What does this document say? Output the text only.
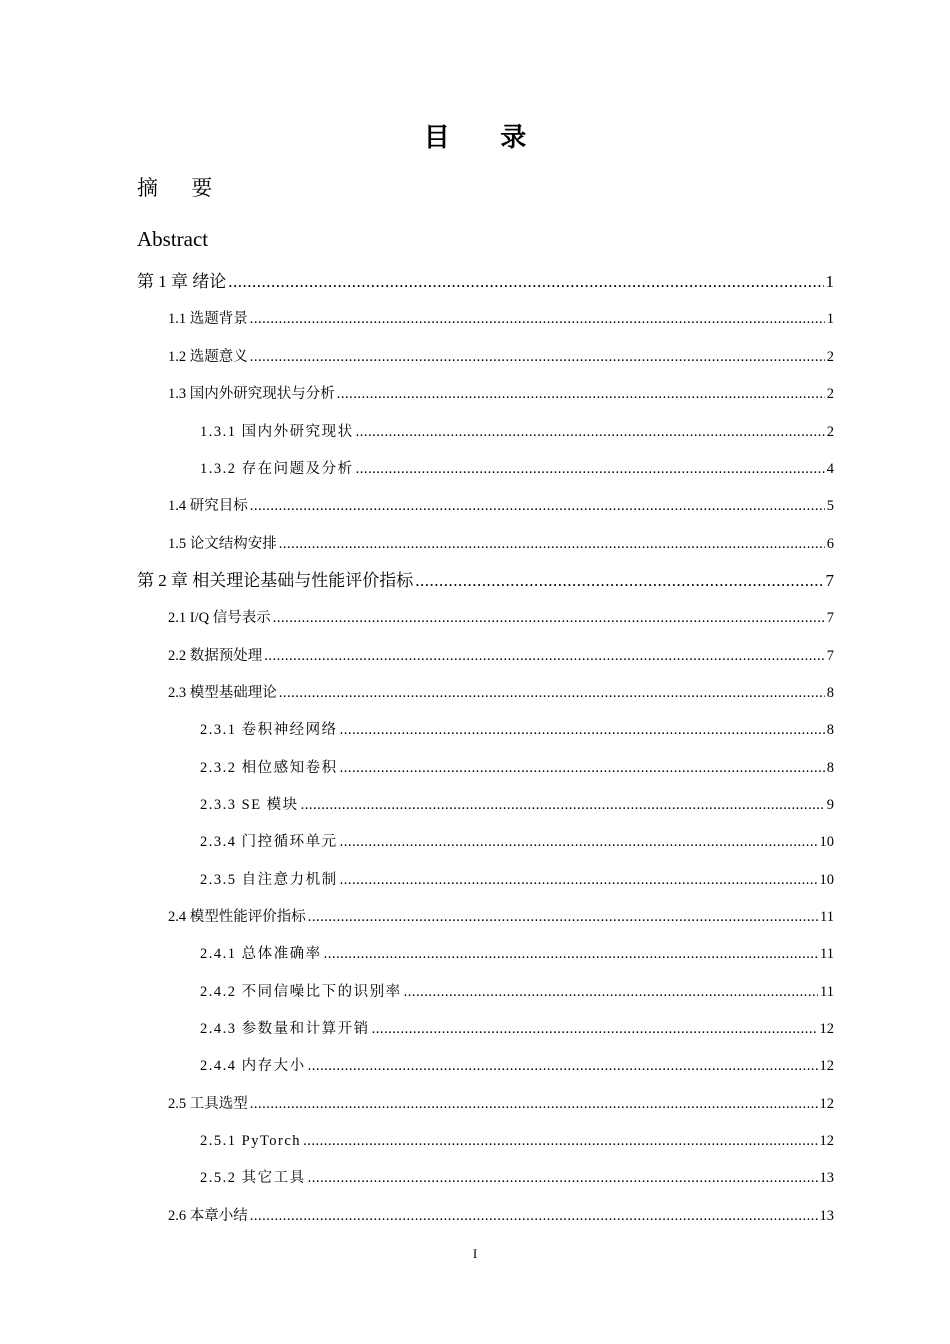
目 录
摘 要
Abstract
第 1 章 绪论 .....	1
1.1 选题背景 .....	1
1.2 选题意义 .....	2
1.3 国内外研究现状与分析 .....	2
1.3.1 国内外研究现状 .....	2
1.3.2 存在问题及分析 .....	4
1.4 研究目标 .....	5
1.5 论文结构安排 .....	6
第 2 章 相关理论基础与性能评价指标 .....	7
2.1 I/Q 信号表示 .....	7
2.2 数据预处理 .....	7
2.3 模型基础理论 .....	8
2.3.1 卷积神经网络 .....	8
2.3.2 相位感知卷积 .....	8
2.3.3 SE 模块 .....	9
2.3.4 门控循环单元 .....	10
2.3.5 自注意力机制 .....	10
2.4 模型性能评价指标 .....	11
2.4.1 总体准确率 .....	11
2.4.2 不同信噪比下的识别率 .....	11
2.4.3 参数量和计算开销 .....	12
2.4.4 内存大小 .....	12
2.5 工具选型 .....	12
2.5.1 PyTorch .....	12
2.5.2 其它工具 .....	13
2.6 本章小结 .....	13
I
